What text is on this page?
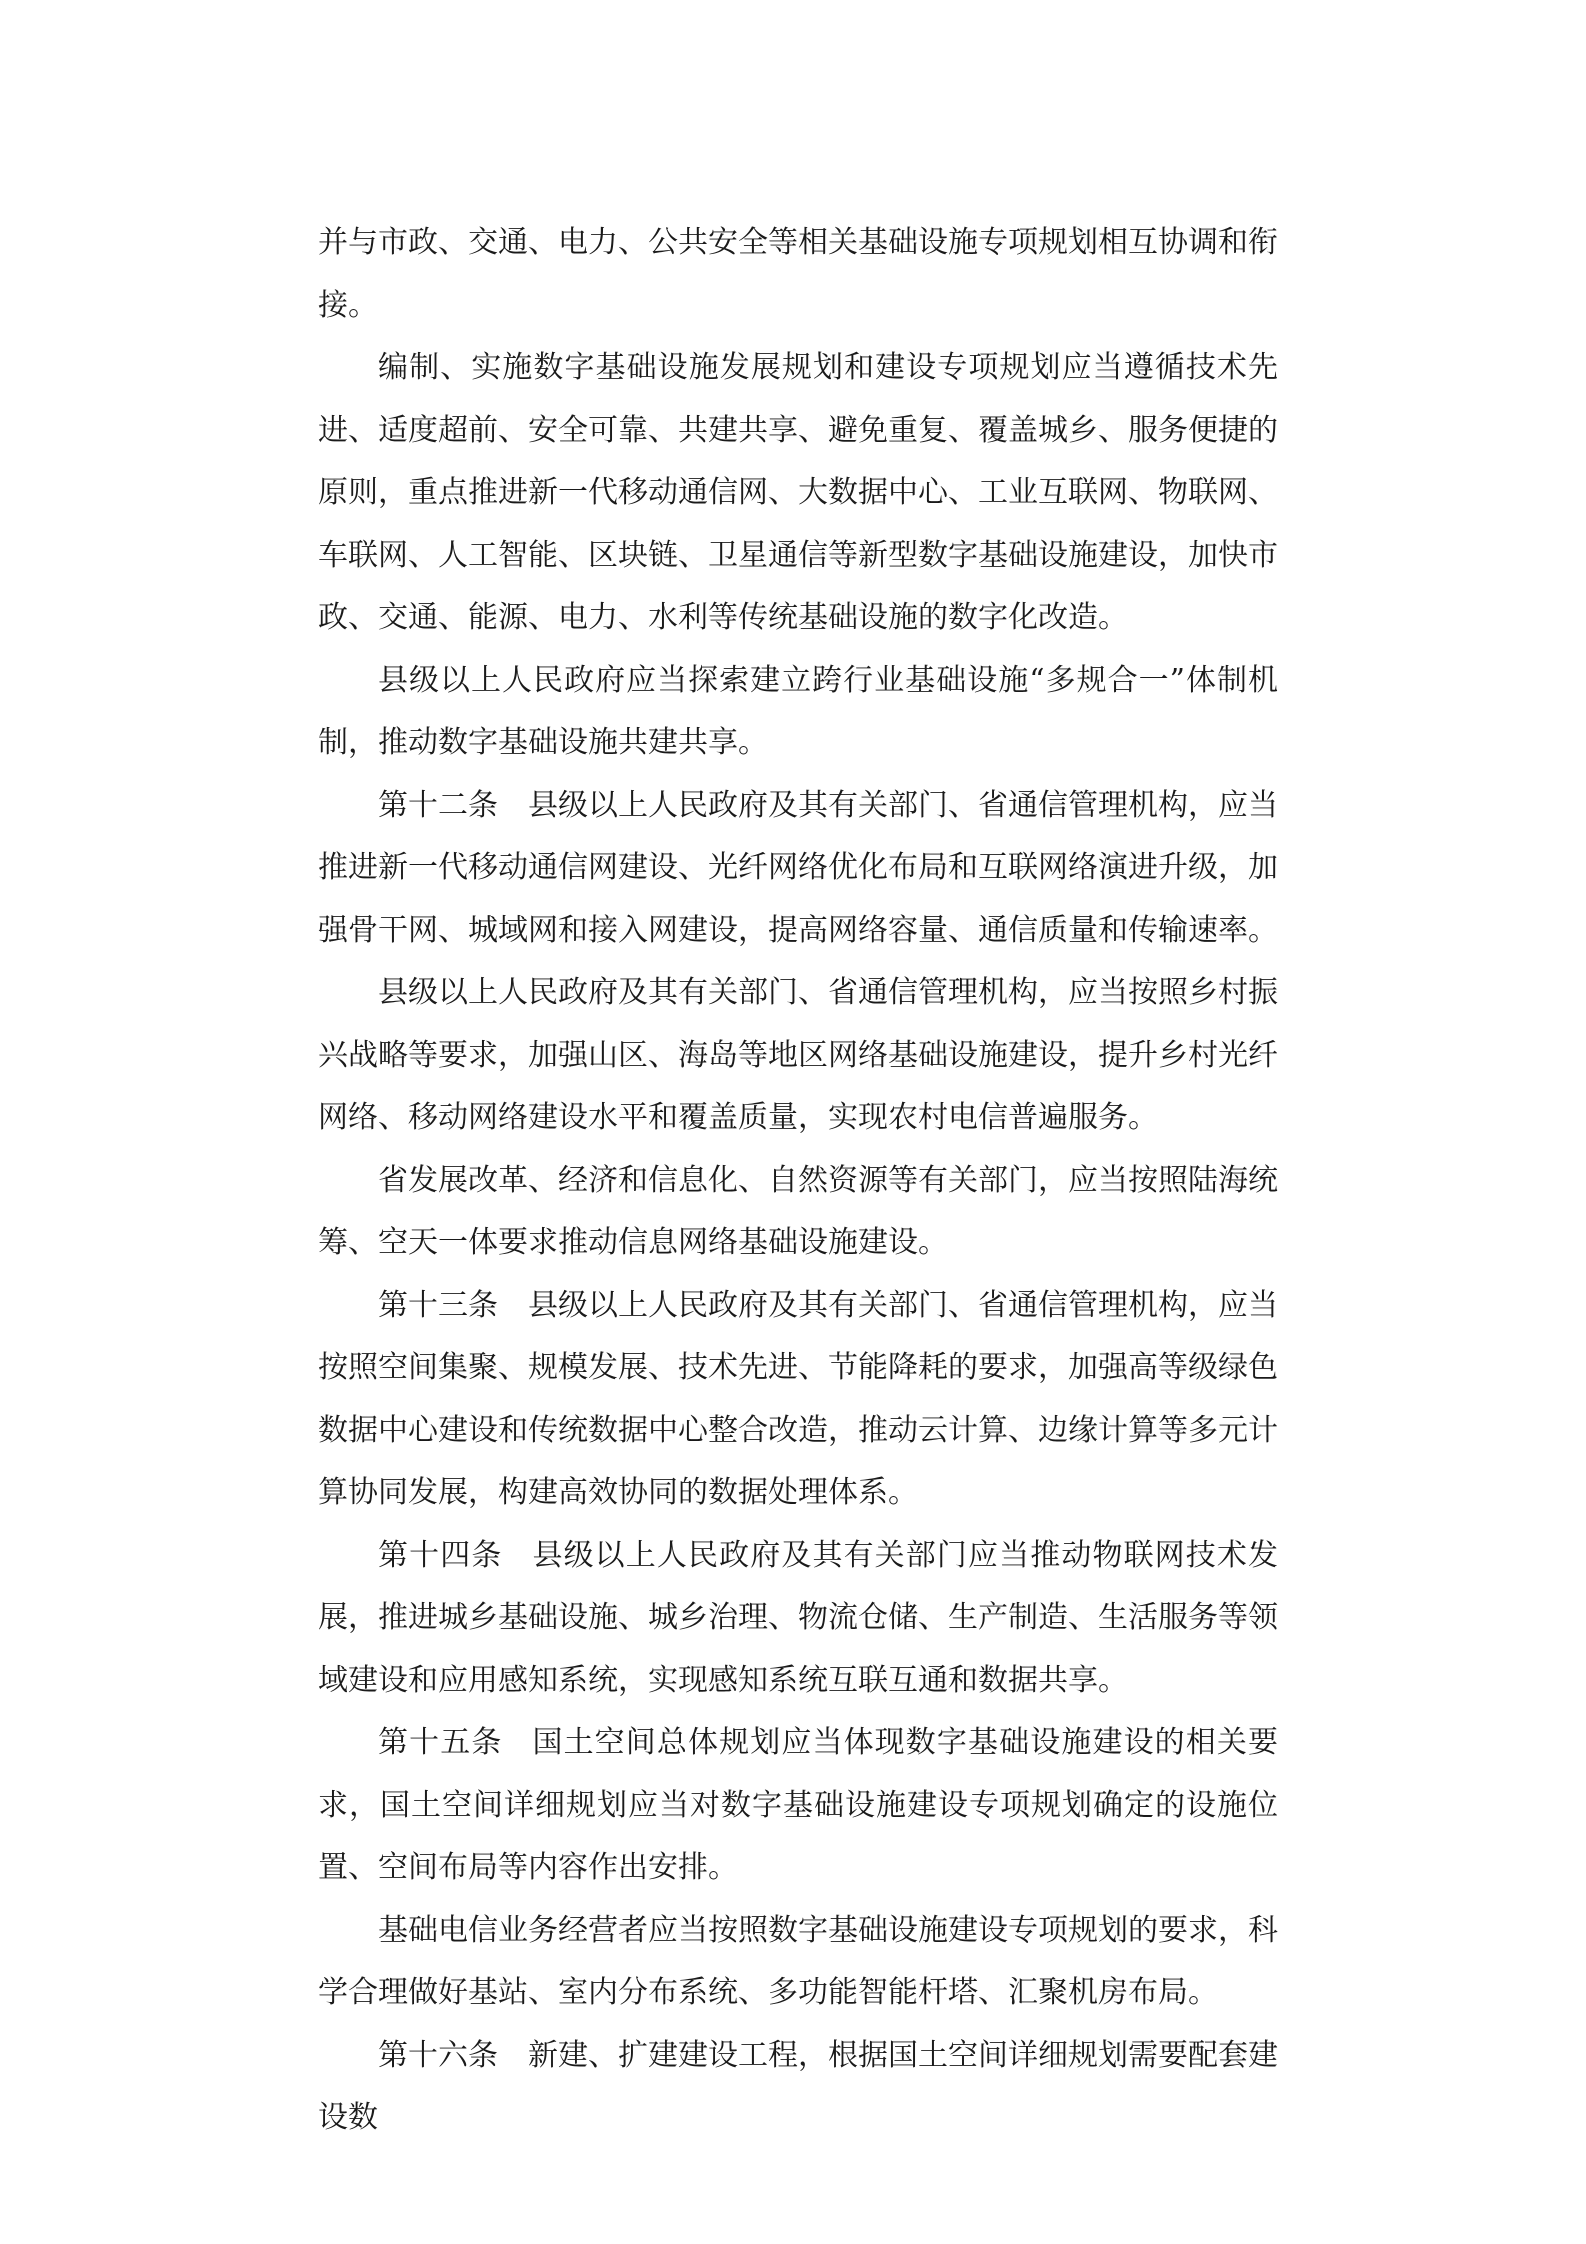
并与市政、交通、电力、公共安全等相关基础设施专项规划相互协调和衔接。

编制、实施数字基础设施发展规划和建设专项规划应当遵循技术先进、适度超前、安全可靠、共建共享、避免重复、覆盖城乡、服务便捷的原则，重点推进新一代移动通信网、大数据中心、工业互联网、物联网、车联网、人工智能、区块链、卫星通信等新型数字基础设施建设，加快市政、交通、能源、电力、水利等传统基础设施的数字化改造。

县级以上人民政府应当探索建立跨行业基础设施“多规合一”体制机制，推动数字基础设施共建共享。

第十二条 县级以上人民政府及其有关部门、省通信管理机构，应当推进新一代移动通信网建设、光纤网络优化布局和互联网络演进升级，加强骨干网、城域网和接入网建设，提高网络容量、通信质量和传输速率。

县级以上人民政府及其有关部门、省通信管理机构，应当按照乡村振兴战略等要求，加强山区、海岛等地区网络基础设施建设，提升乡村光纤网络、移动网络建设水平和覆盖质量，实现农村电信普遍服务。

省发展改革、经济和信息化、自然资源等有关部门，应当按照陆海统筹、空天一体要求推动信息网络基础设施建设。

第十三条 县级以上人民政府及其有关部门、省通信管理机构，应当按照空间集聚、规模发展、技术先进、节能降耗的要求，加强高等级绿色数据中心建设和传统数据中心整合改造，推动云计算、边缘计算等多元计算协同发展，构建高效协同的数据处理体系。

第十四条 县级以上人民政府及其有关部门应当推动物联网技术发展，推进城乡基础设施、城乡治理、物流仓储、生产制造、生活服务等领域建设和应用感知系统，实现感知系统互联互通和数据共享。

第十五条 国土空间总体规划应当体现数字基础设施建设的相关要求，国土空间详细规划应当对数字基础设施建设专项规划确定的设施位置、空间布局等内容作出安排。

基础电信业务经营者应当按照数字基础设施建设专项规划的要求，科学合理做好基站、室内分布系统、多功能智能杆塔、汇聚机房布局。

第十六条 新建、扩建建设工程，根据国土空间详细规划需要配套建设数
